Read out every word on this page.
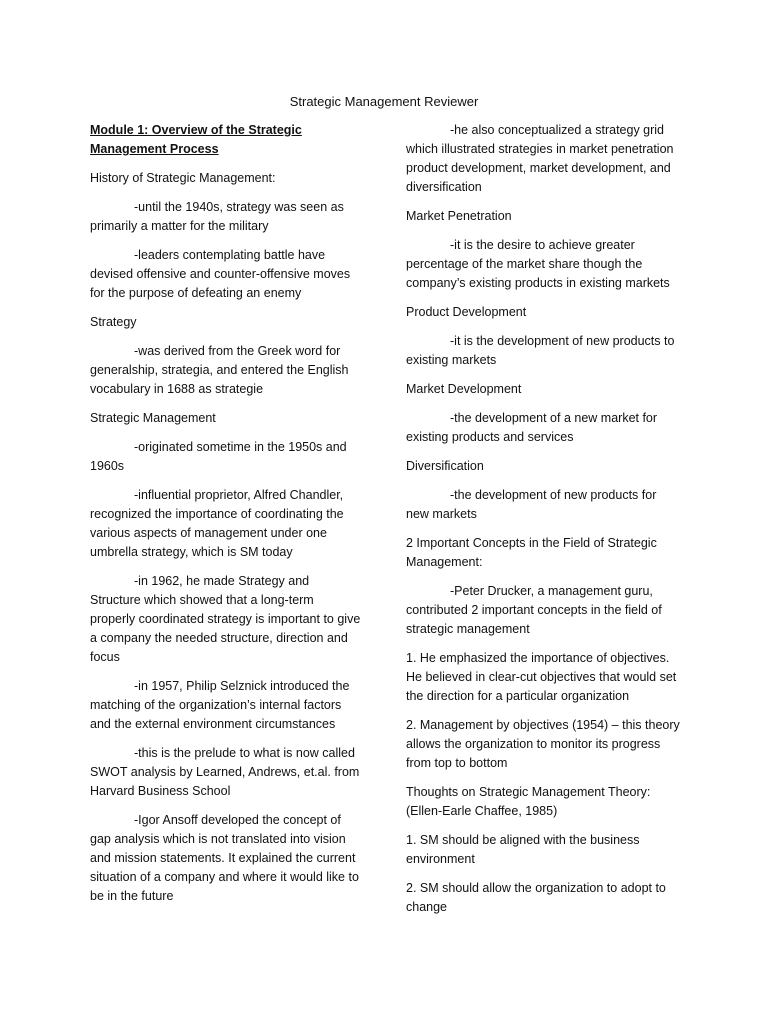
Strategic Management Reviewer

Module 1: Overview of the Strategic Management Process

History of Strategic Management:

-until the 1940s, strategy was seen as primarily a matter for the military

-leaders contemplating battle have devised offensive and counter-offensive moves for the purpose of defeating an enemy

Strategy

-was derived from the Greek word for generalship, strategia, and entered the English vocabulary in 1688 as strategie

Strategic Management

-originated sometime in the 1950s and 1960s

-influential proprietor, Alfred Chandler, recognized the importance of coordinating the various aspects of management under one umbrella strategy, which is SM today

-in 1962, he made Strategy and Structure which showed that a long-term properly coordinated strategy is important to give a company the needed structure, direction and focus

-in 1957, Philip Selznick introduced the matching of the organization’s internal factors and the external environment circumstances

-this is the prelude to what is now called SWOT analysis by Learned, Andrews, et.al. from Harvard Business School

-Igor Ansoff developed the concept of gap analysis which is not translated into vision and mission statements. It explained the current situation of a company and where it would like to be in the future

-he also conceptualized a strategy grid which illustrated strategies in market penetration product development, market development, and diversification

Market Penetration

-it is the desire to achieve greater percentage of the market share though the company’s existing products in existing markets

Product Development

-it is the development of new products to existing markets

Market Development

-the development of a new market for existing products and services

Diversification

-the development of new products for new markets

2 Important Concepts in the Field of Strategic Management:

-Peter Drucker, a management guru, contributed 2 important concepts in the field of strategic management

1. He emphasized the importance of objectives. He believed in clear-cut objectives that would set the direction for a particular organization

2. Management by objectives (1954) – this theory allows the organization to monitor its progress from top to bottom

Thoughts on Strategic Management Theory: (Ellen-Earle Chaffee, 1985)

1. SM should be aligned with the business environment

2. SM should allow the organization to adopt to change
